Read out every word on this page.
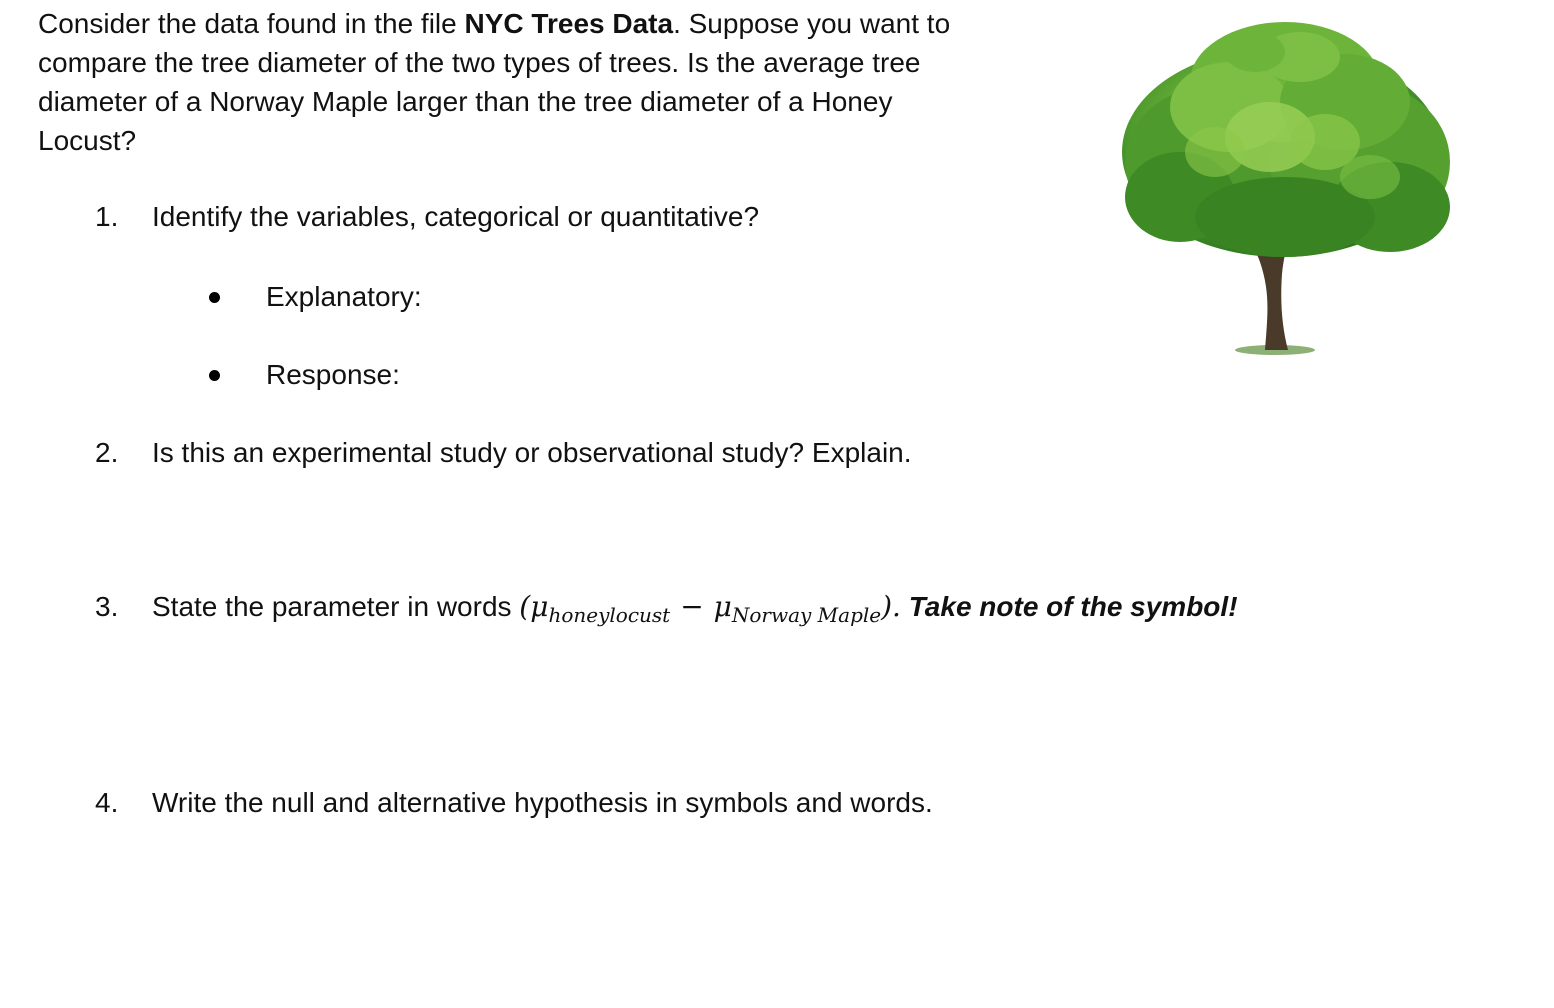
Consider the data found in the file NYC Trees Data. Suppose you want to compare the tree diameter of the two types of trees. Is the average tree diameter of a Norway Maple larger than the tree diameter of a Honey Locust?

1. Identify the variables, categorical or quantitative?
Explanatory:
Response:
2. Is this an experimental study or observational study? Explain.
3. State the parameter in words $(\mu_{honeylocust} - \mu_{Norway Maple})$. Take note of the symbol!
4. Write the null and alternative hypothesis in symbols and words.
